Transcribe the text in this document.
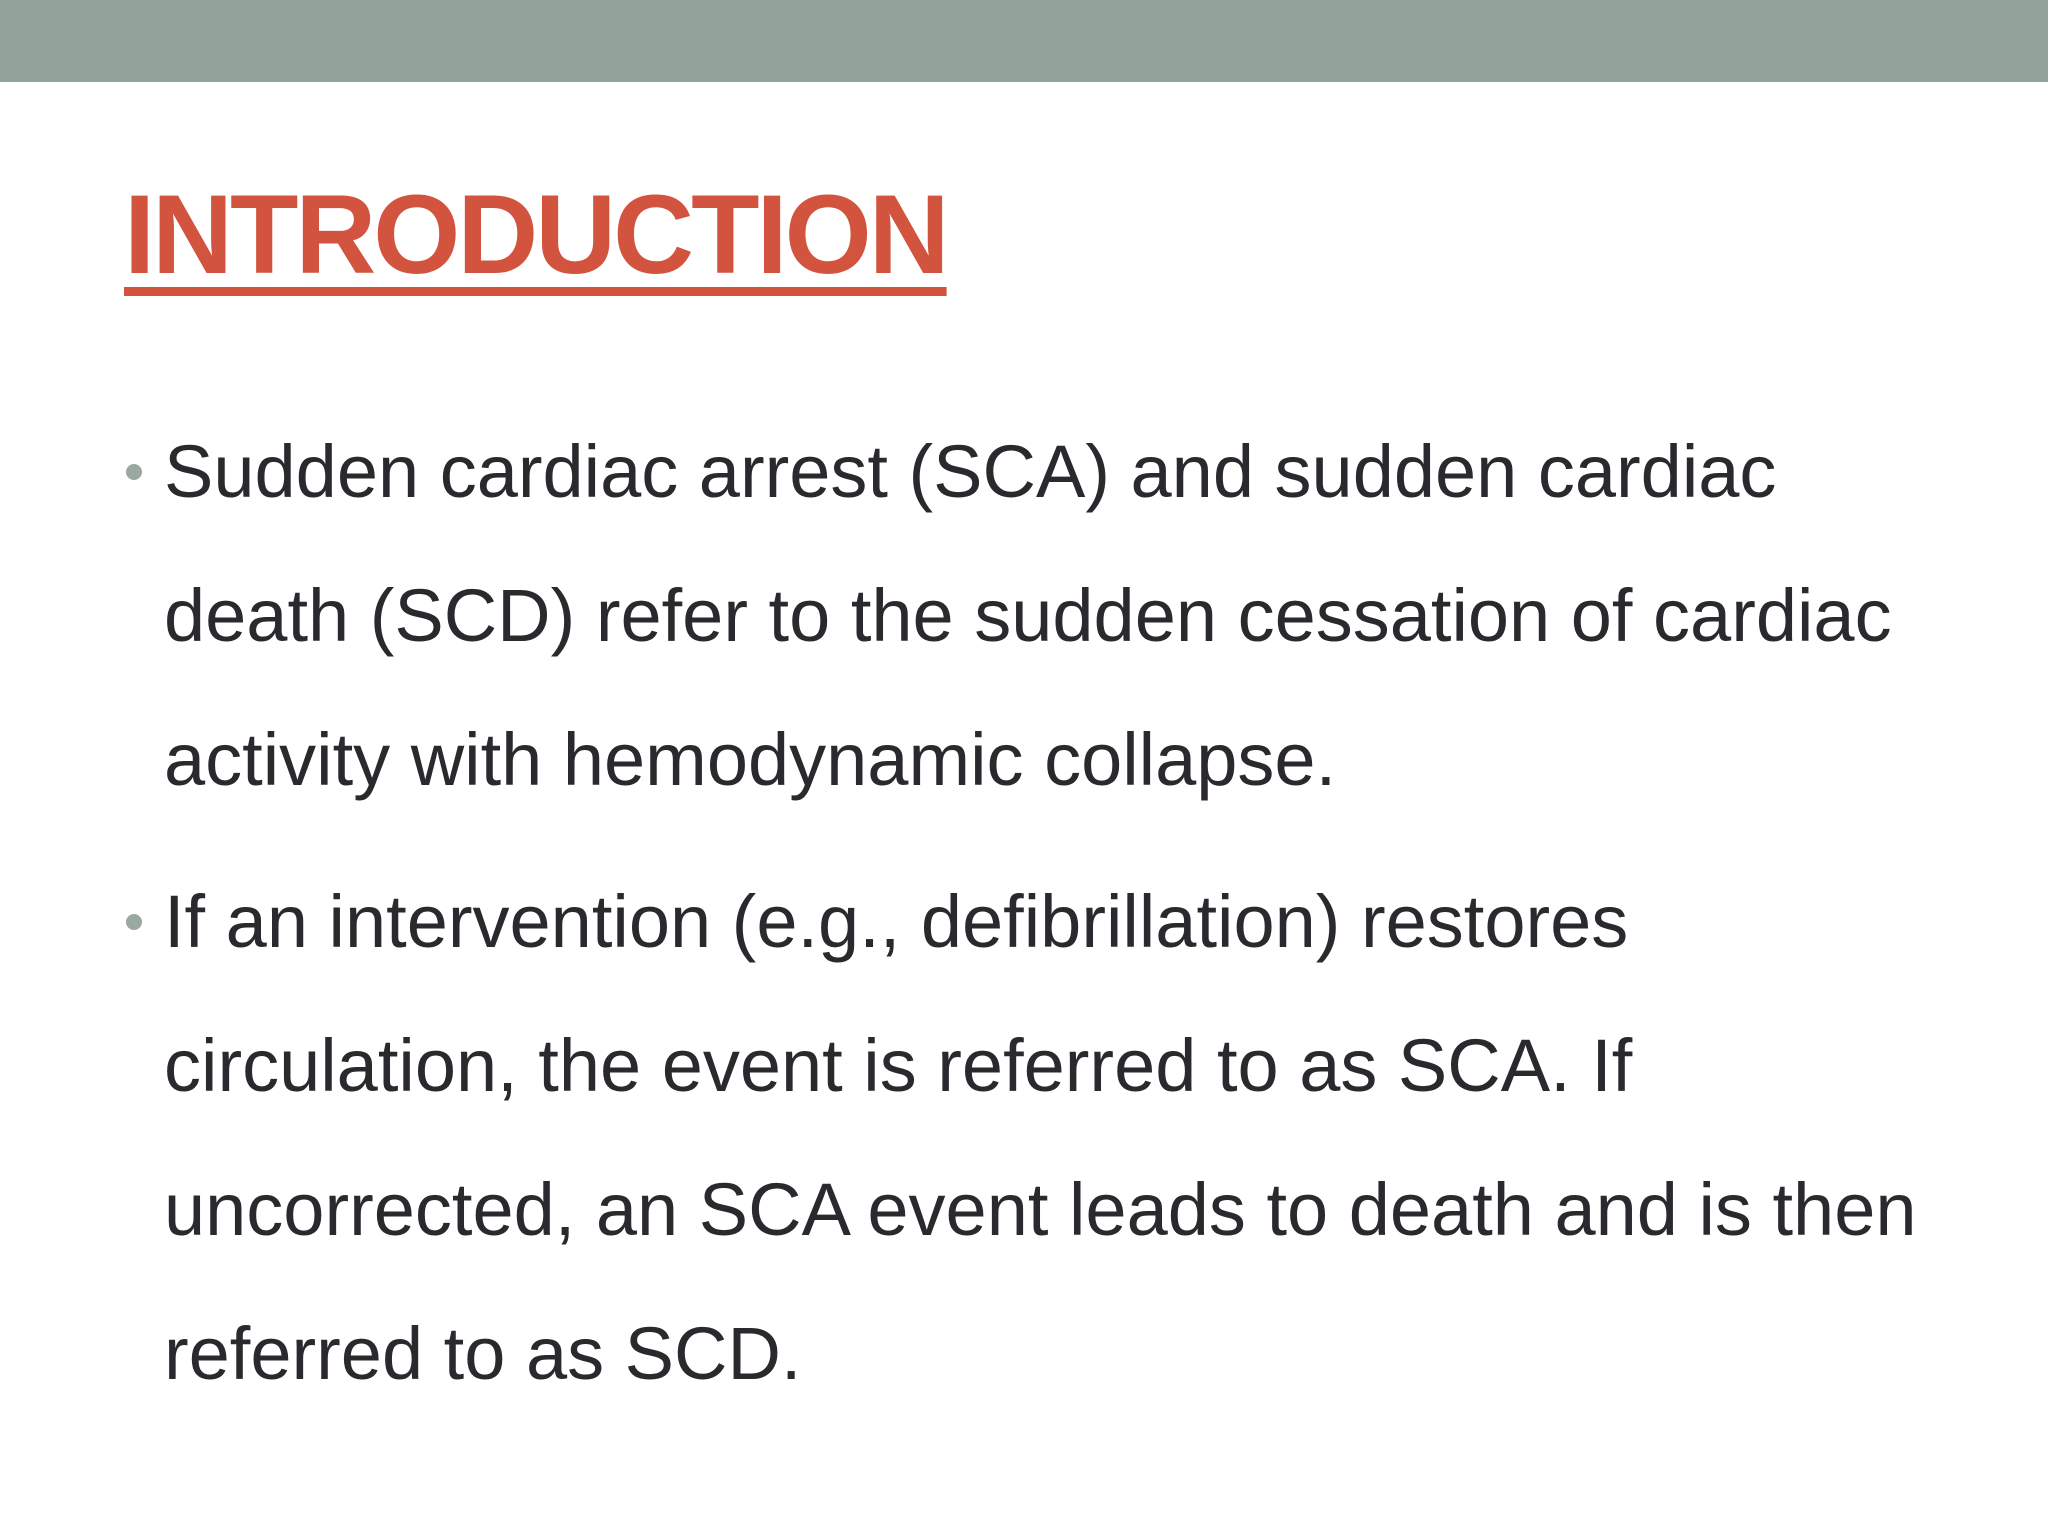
INTRODUCTION
Sudden cardiac arrest (SCA) and sudden cardiac death (SCD) refer to the sudden cessation of cardiac activity with hemodynamic collapse.
If an intervention (e.g., defibrillation) restores circulation, the event is referred to as SCA. If uncorrected, an SCA event leads to death and is then referred to as SCD.
